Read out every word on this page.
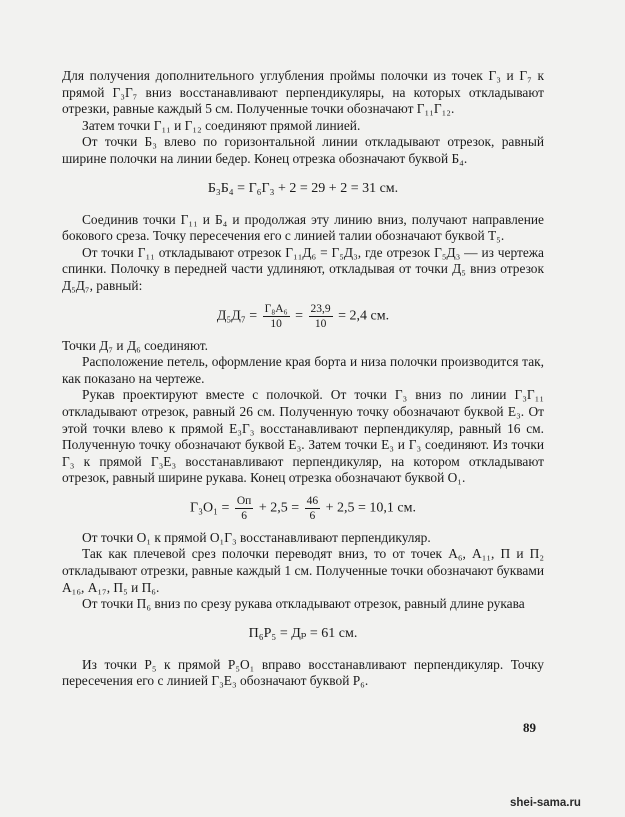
Для получения дополнительного углубления проймы полочки из точек Г₃ и Г₇ к прямой Г₃Г₇ вниз восстанавливают перпендикуляры, на которых откладывают отрезки, равные каждый 5 см. Полученные точки обозначают Г₁₁Г₁₂.

Затем точки Г₁₁ и Г₁₂ соединяют прямой линией.

От точки Б₃ влево по горизонтальной линии откладывают отрезок, равный ширине полочки на линии бедер. Конец отрезка обозначают буквой Б₄.

Б₃Б₄ = Г₆Г₃ + 2 = 29 + 2 = 31 см.

Соединив точки Г₁₁ и Б₄ и продолжая эту линию вниз, получают направление бокового среза. Точку пересечения его с линией талии обозначают буквой Т₅.

От точки Г₁₁ откладывают отрезок Г₁₁Д₆ = Г₅Д₃, где отрезок Г₅Д₃ — из чертежа спинки. Полочку в передней части удлиняют, откладывая от точки Д₅ вниз отрезок Д₅Д₇, равный:

$Д_5Д_7 = \frac{\text{Г₈А₆}}{10} = \frac{23,9}{10} = 2,4$ см.

Точки Д₇ и Д₆ соединяют.

Расположение петель, оформление края борта и низа полочки производится так, как показано на чертеже.

Рукав проектируют вместе с полочкой. От точки Г₃ вниз по линии Г₃Г₁₁ откладывают отрезок, равный 26 см. Полученную точку обозначают буквой Е₃. От этой точки влево к прямой Е₃Г₃ восстанавливают перпендикуляр, равный 16 см. Полученную точку обозначают буквой Е₃. Затем точки Е₃ и Г₃ соединяют. Из точки Г₃ к прямой Г₃Е₃ восстанавливают перпендикуляр, на котором откладывают отрезок, равный ширине рукава. Конец отрезка обозначают буквой О₁.

$Г_3О_1 = \frac{Оп}{6} + 2,5 = \frac{46}{6} + 2,5 = 10,1$ см.

От точки О₁ к прямой О₁Г₃ восстанавливают перпендикуляр.

Так как плечевой срез полочки переводят вниз, то от точек А₆, А₁₁, П и П₂ откладывают отрезки, равные каждый 1 см. Полученные точки обозначают буквами А₁₆, А₁₇, П₅ и П₆.

От точки П₆ вниз по срезу рукава откладывают отрезок, равный длине рукава

П₆Р₅ = Дₚ = 61 см.

Из точки Р₅ к прямой Р₅О₁ вправо восстанавливают перпендикуляр. Точку пересечения его с линией Г₃Е₃ обозначают буквой Р₆.

89
shei-sama.ru
